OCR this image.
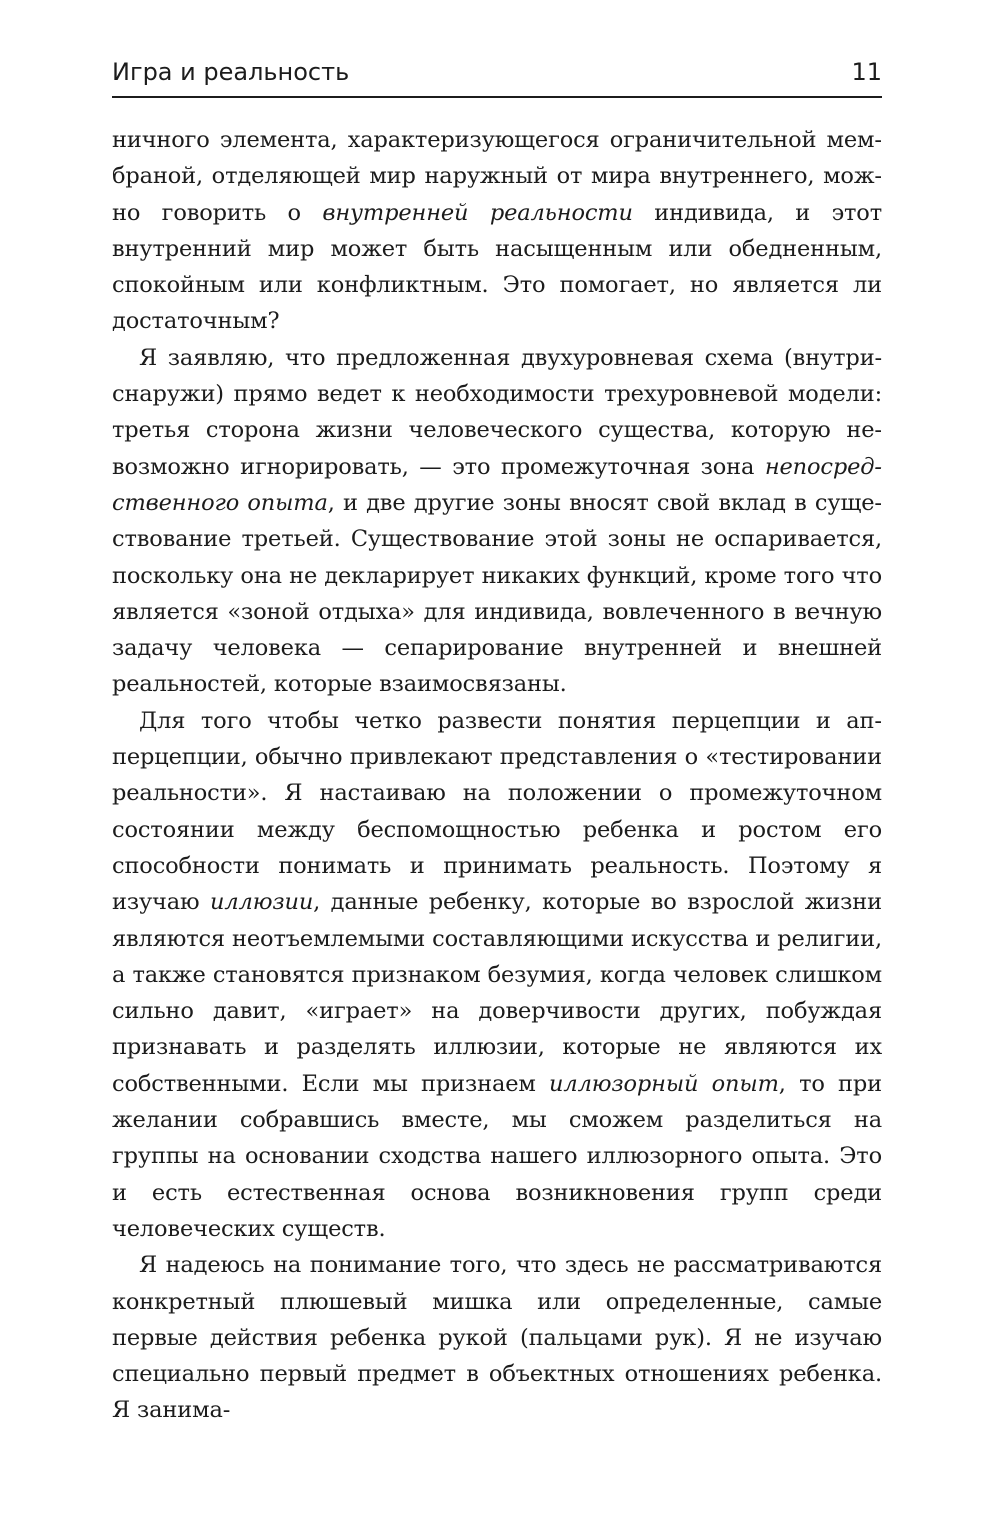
Игра и реальность	11

ничного элемента, характеризующегося ограничительной мембраной, отделяющей мир наружный от мира внутреннего, можно говорить о внутренней реальности индивида, и этот внутренний мир может быть насыщенным или обедненным, спокойным или конфликтным. Это помогает, но является ли достаточным?

Я заявляю, что предложенная двухуровневая схема (внутри-снаружи) прямо ведет к необходимости трехуровневой модели: третья сторона жизни человеческого существа, которую невозможно игнорировать, — это промежуточная зона непосредственного опыта, и две другие зоны вносят свой вклад в существование третьей. Существование этой зоны не оспаривается, поскольку она не декларирует никаких функций, кроме того что является «зоной отдыха» для индивида, вовлеченного в вечную задачу человека — сепарирование внутренней и внешней реальностей, которые взаимосвязаны.

Для того чтобы четко развести понятия перцепции и апперцепции, обычно привлекают представления о «тестировании реальности». Я настаиваю на положении о промежуточном состоянии между беспомощностью ребенка и ростом его способности понимать и принимать реальность. Поэтому я изучаю иллюзии, данные ребенку, которые во взрослой жизни являются неотъемлемыми составляющими искусства и религии, а также становятся признаком безумия, когда человек слишком сильно давит, «играет» на доверчивости других, побуждая признавать и разделять иллюзии, которые не являются их собственными. Если мы признаем иллюзорный опыт, то при желании собравшись вместе, мы сможем разделиться на группы на основании сходства нашего иллюзорного опыта. Это и есть естественная основа возникновения групп среди человеческих существ.

Я надеюсь на понимание того, что здесь не рассматриваются конкретный плюшевый мишка или определенные, самые первые действия ребенка рукой (пальцами рук). Я не изучаю специально первый предмет в объектных отношениях ребенка. Я занима-
